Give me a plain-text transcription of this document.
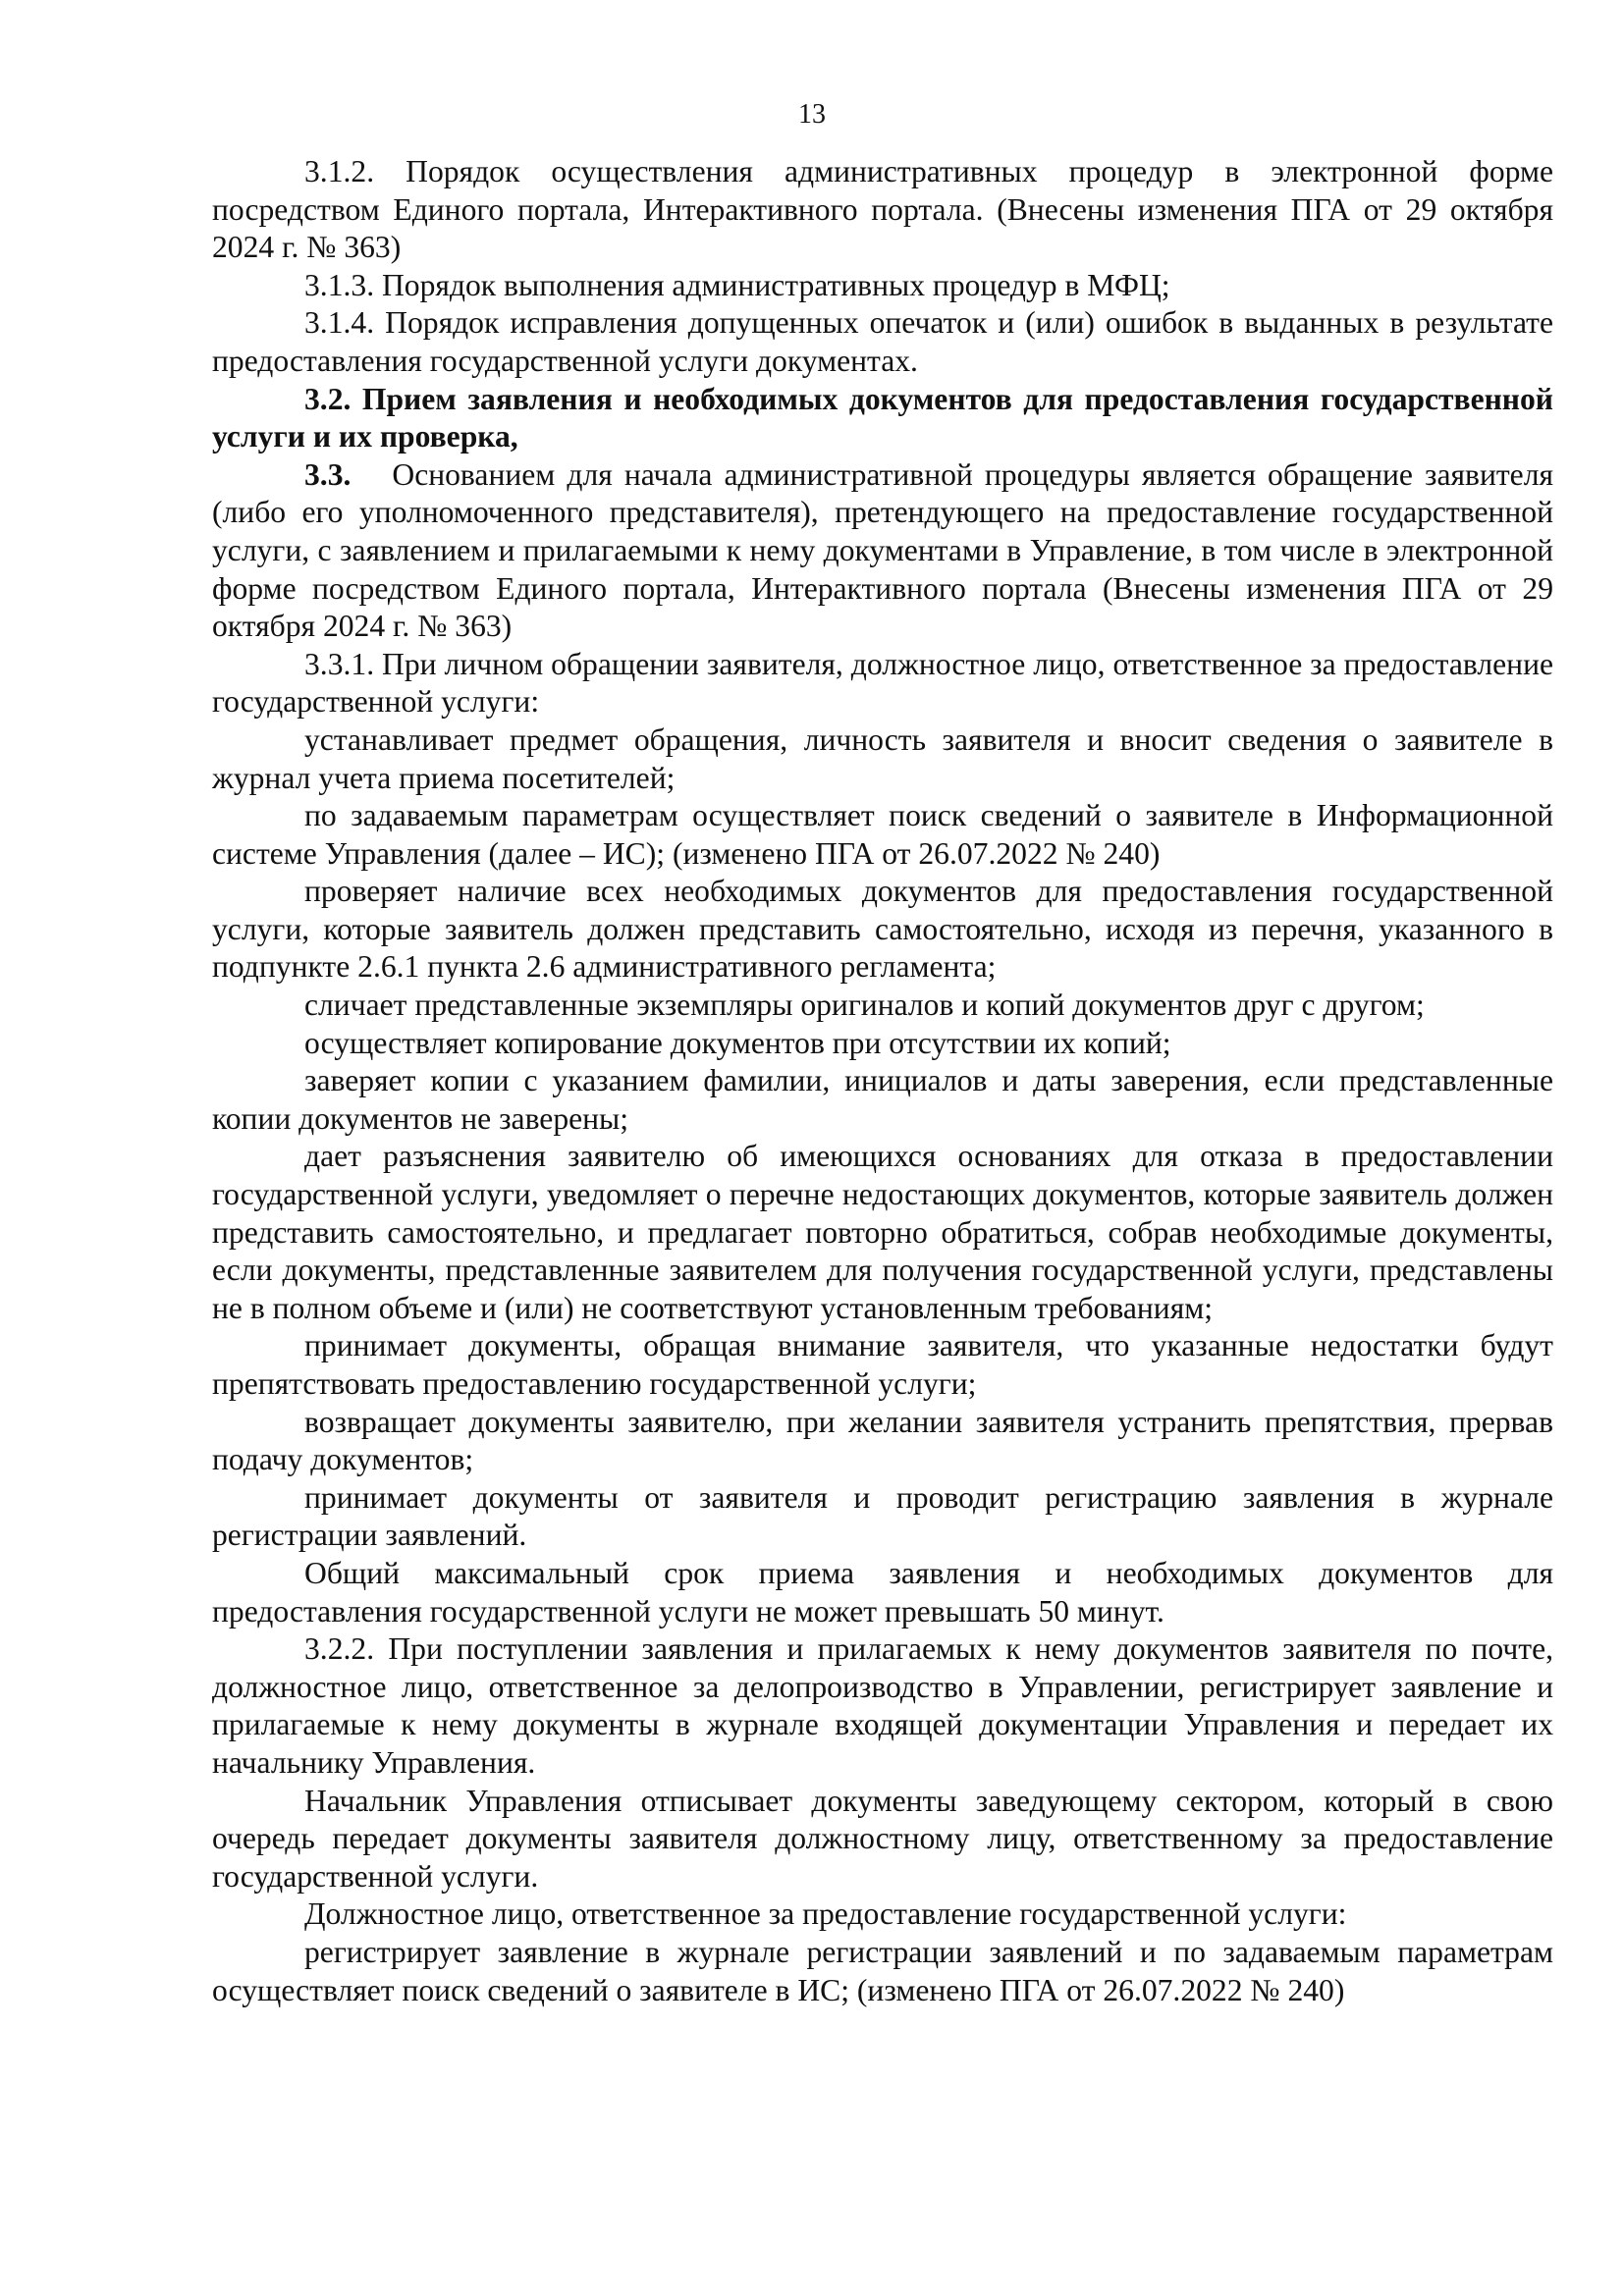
13

3.1.2. Порядок осуществления административных процедур в электронной форме посредством Единого портала, Интерактивного портала. (Внесены изменения ПГА от 29 октября 2024 г. № 363)

3.1.3. Порядок выполнения административных процедур в МФЦ;

3.1.4. Порядок исправления допущенных опечаток и (или) ошибок в выданных в результате предоставления государственной услуги документах.

3.2. Прием заявления и необходимых документов для предоставления государственной услуги и их проверка,

3.3. Основанием для начала административной процедуры является обращение заявителя (либо его уполномоченного представителя), претендующего на предоставление государственной услуги, с заявлением и прилагаемыми к нему документами в Управление, в том числе в электронной форме посредством Единого портала, Интерактивного портала (Внесены изменения ПГА от 29 октября 2024 г. № 363)

3.3.1. При личном обращении заявителя, должностное лицо, ответственное за предоставление государственной услуги:

устанавливает предмет обращения, личность заявителя и вносит сведения о заявителе в журнал учета приема посетителей;

по задаваемым параметрам осуществляет поиск сведений о заявителе в Информационной системе Управления (далее – ИС); (изменено ПГА от 26.07.2022 № 240)

проверяет наличие всех необходимых документов для предоставления государственной услуги, которые заявитель должен представить самостоятельно, исходя из перечня, указанного в подпункте 2.6.1 пункта 2.6 административного регламента;

сличает представленные экземпляры оригиналов и копий документов друг с другом;

осуществляет копирование документов при отсутствии их копий;

заверяет копии с указанием фамилии, инициалов и даты заверения, если представленные копии документов не заверены;

дает разъяснения заявителю об имеющихся основаниях для отказа в предоставлении государственной услуги, уведомляет о перечне недостающих документов, которые заявитель должен представить самостоятельно, и предлагает повторно обратиться, собрав необходимые документы, если документы, представленные заявителем для получения государственной услуги, представлены не в полном объеме и (или) не соответствуют установленным требованиям;

принимает документы, обращая внимание заявителя, что указанные недостатки будут препятствовать предоставлению государственной услуги;

возвращает документы заявителю, при желании заявителя устранить препятствия, прервав подачу документов;

принимает документы от заявителя и проводит регистрацию заявления в журнале регистрации заявлений.

Общий максимальный срок приема заявления и необходимых документов для предоставления государственной услуги не может превышать 50 минут.

3.2.2. При поступлении заявления и прилагаемых к нему документов заявителя по почте, должностное лицо, ответственное за делопроизводство в Управлении, регистрирует заявление и прилагаемые к нему документы в журнале входящей документации Управления и передает их начальнику Управления.

Начальник Управления отписывает документы заведующему сектором, который в свою очередь передает документы заявителя должностному лицу, ответственному за предоставление государственной услуги.

Должностное лицо, ответственное за предоставление государственной услуги:

регистрирует заявление в журнале регистрации заявлений и по задаваемым параметрам осуществляет поиск сведений о заявителе в ИС; (изменено ПГА от 26.07.2022 № 240)
